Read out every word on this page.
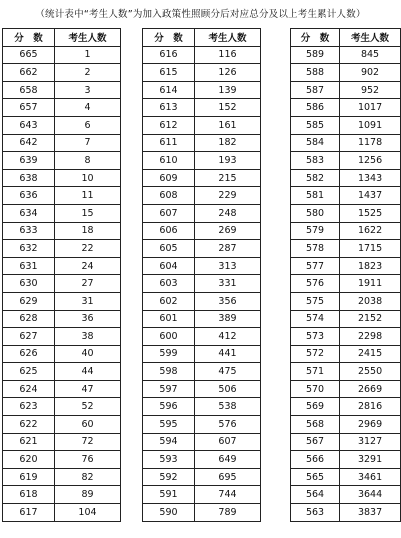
（统计表中“考生人数”为加入政策性照顾分后对应总分及以上考生累计人数）
分　数	考生人数
665	1
662	2
658	3
657	4
643	6
642	7
639	8
638	10
636	11
634	15
633	18
632	22
631	24
630	27
629	31
628	36
627	38
626	40
625	44
624	47
623	52
622	60
621	72
620	76
619	82
618	89
617	104
分　数	考生人数
616	116
615	126
614	139
613	152
612	161
611	182
610	193
609	215
608	229
607	248
606	269
605	287
604	313
603	331
602	356
601	389
600	412
599	441
598	475
597	506
596	538
595	576
594	607
593	649
592	695
591	744
590	789
分　数	考生人数
589	845
588	902
587	952
586	1017
585	1091
584	1178
583	1256
582	1343
581	1437
580	1525
579	1622
578	1715
577	1823
576	1911
575	2038
574	2152
573	2298
572	2415
571	2550
570	2669
569	2816
568	2969
567	3127
566	3291
565	3461
564	3644
563	3837
